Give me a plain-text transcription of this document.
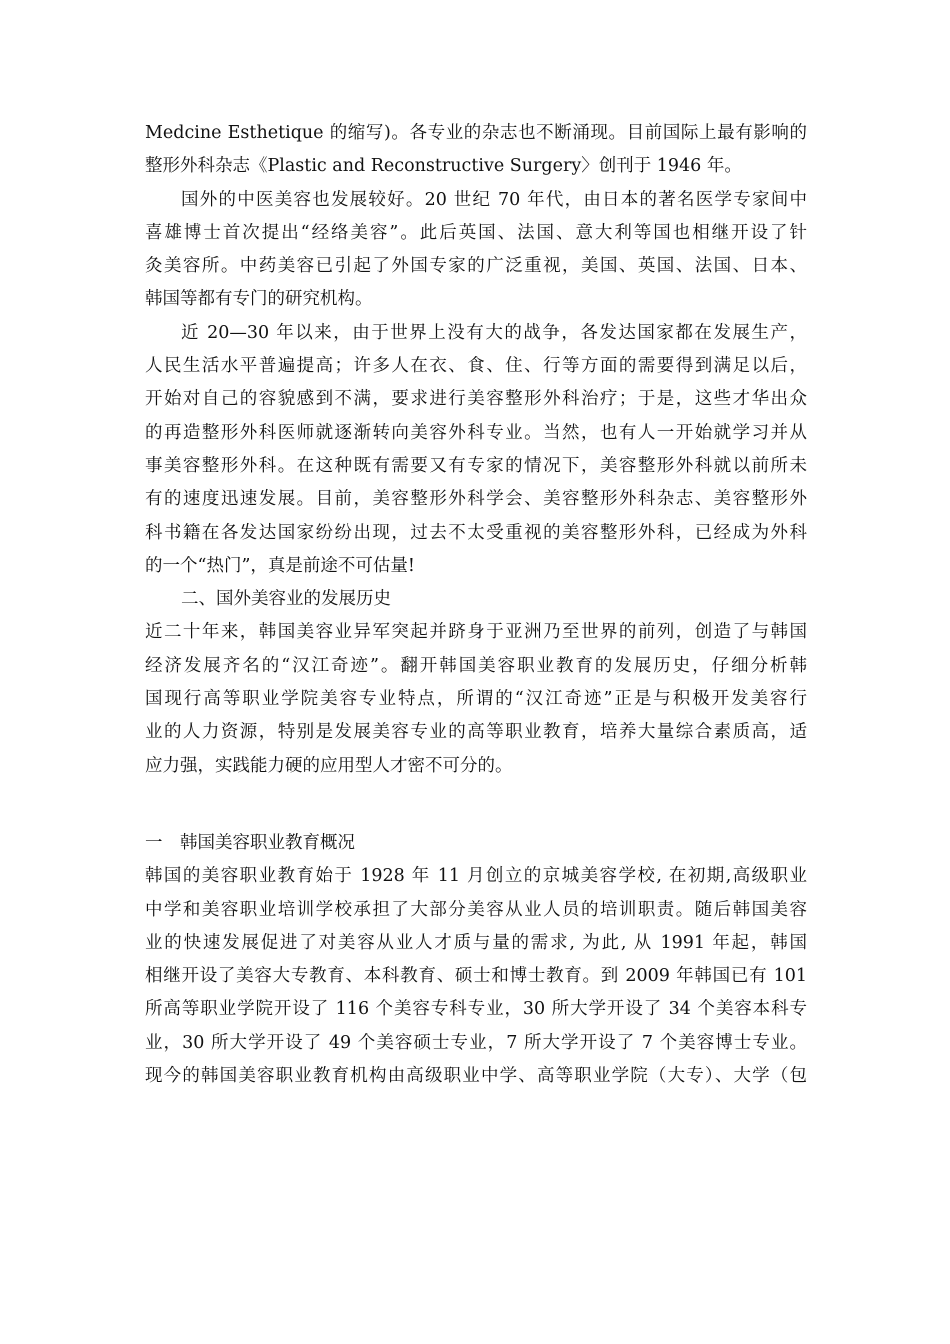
Medcine Esthetique 的缩写)。各专业的杂志也不断涌现。目前国际上最有影响的
整形外科杂志《Plastic and Reconstructive Surgery〉创刊于 1946 年。
国外的中医美容也发展较好。20 世纪 70 年代，由日本的著名医学专家间中
喜雄博士首次提出“经络美容”。此后英国、法国、意大利等国也相继开设了针
灸美容所。中药美容已引起了外国专家的广泛重视，美国、英国、法国、日本、
韩国等都有专门的研究机构。
近 20—30 年以来，由于世界上没有大的战争，各发达国家都在发展生产，
人民生活水平普遍提高；许多人在衣、食、住、行等方面的需要得到满足以后，
开始对自己的容貌感到不满，要求进行美容整形外科治疗；于是，这些才华出众
的再造整形外科医师就逐渐转向美容外科专业。当然，也有人一开始就学习并从
事美容整形外科。在这种既有需要又有专家的情况下，美容整形外科就以前所未
有的速度迅速发展。目前，美容整形外科学会、美容整形外科杂志、美容整形外
科书籍在各发达国家纷纷出现，过去不太受重视的美容整形外科，已经成为外科
的一个“热门”，真是前途不可估量!
二、国外美容业的发展历史
近二十年来，韩国美容业异军突起并跻身于亚洲乃至世界的前列，创造了与韩国
经济发展齐名的“汉江奇迹”。翻开韩国美容职业教育的发展历史，仔细分析韩
国现行高等职业学院美容专业特点，所谓的“汉江奇迹”正是与积极开发美容行
业的人力资源，特别是发展美容专业的高等职业教育，培养大量综合素质高，适
应力强，实践能力硬的应用型人才密不可分的。
一　韩国美容职业教育概况
韩国的美容职业教育始于 1928 年 11 月创立的京城美容学校, 在初期,高级职业
中学和美容职业培训学校承担了大部分美容从业人员的培训职责。随后韩国美容
业的快速发展促进了对美容从业人才质与量的需求, 为此, 从 1991 年起，韩国
相继开设了美容大专教育、本科教育、硕士和博士教育。到 2009 年韩国已有 101
所高等职业学院开设了 116 个美容专科专业，30 所大学开设了 34 个美容本科专
业，30 所大学开设了 49 个美容硕士专业，7 所大学开设了 7 个美容博士专业。
现今的韩国美容职业教育机构由高级职业中学、高等职业学院（大专）、大学（包
